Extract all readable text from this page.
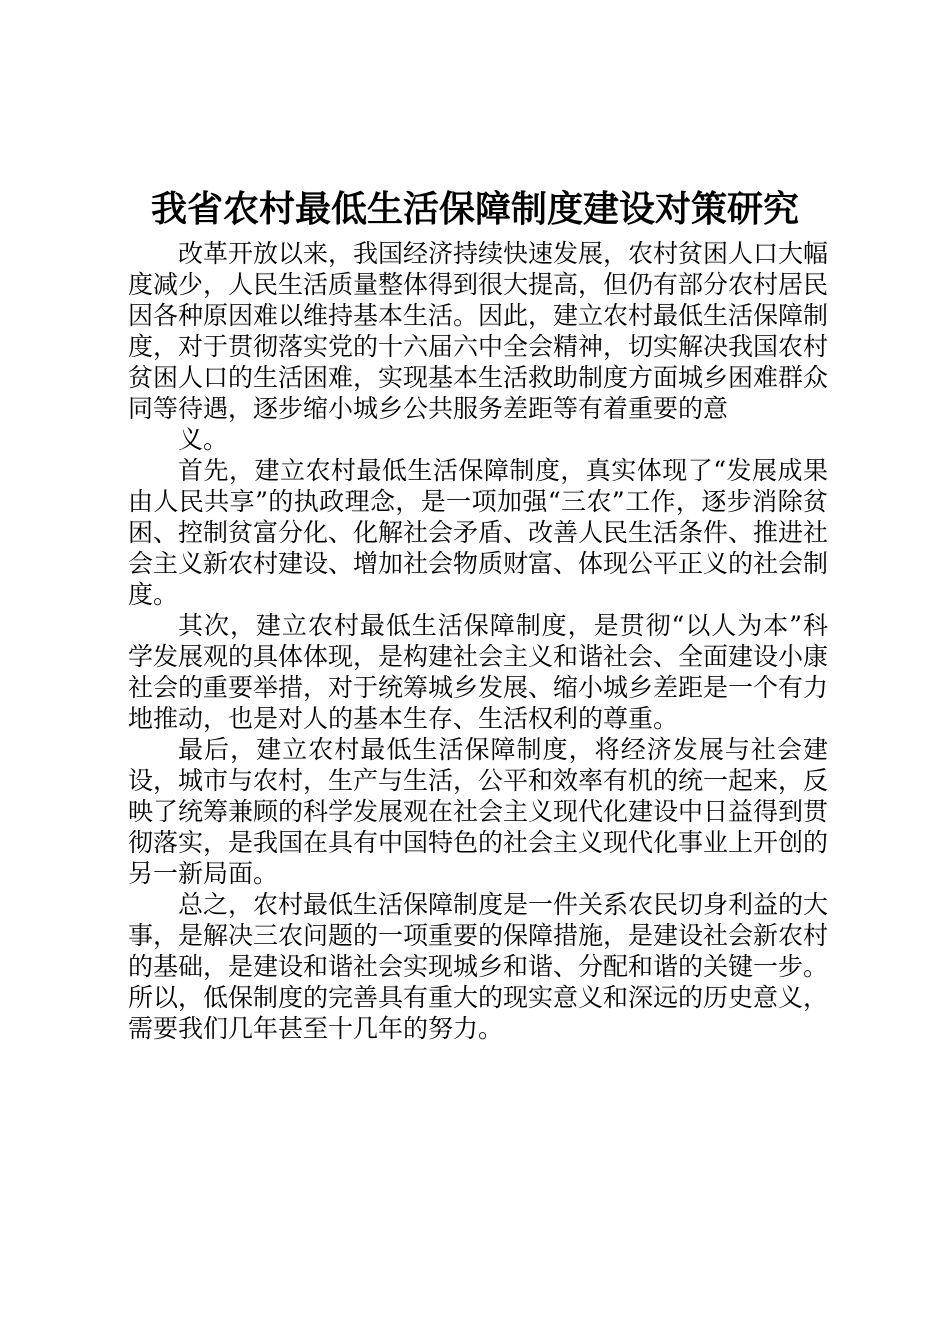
我省农村最低生活保障制度建设对策研究

改革开放以来，我国经济持续快速发展，农村贫困人口大幅度减少，人民生活质量整体得到很大提高，但仍有部分农村居民因各种原因难以维持基本生活。因此，建立农村最低生活保障制度，对于贯彻落实党的十六届六中全会精神，切实解决我国农村贫困人口的生活困难，实现基本生活救助制度方面城乡困难群众同等待遇，逐步缩小城乡公共服务差距等有着重要的意

义。

首先，建立农村最低生活保障制度，真实体现了“发展成果由人民共享”的执政理念，是一项加强“三农”工作，逐步消除贫困、控制贫富分化、化解社会矛盾、改善人民生活条件、推进社会主义新农村建设、增加社会物质财富、体现公平正义的社会制度。

其次，建立农村最低生活保障制度，是贯彻“以人为本”科学发展观的具体体现，是构建社会主义和谐社会、全面建设小康社会的重要举措，对于统筹城乡发展、缩小城乡差距是一个有力地推动，也是对人的基本生存、生活权利的尊重。

最后，建立农村最低生活保障制度，将经济发展与社会建设，城市与农村，生产与生活，公平和效率有机的统一起来，反映了统筹兼顾的科学发展观在社会主义现代化建设中日益得到贯彻落实，是我国在具有中国特色的社会主义现代化事业上开创的另一新局面。

总之，农村最低生活保障制度是一件关系农民切身利益的大事，是解决三农问题的一项重要的保障措施，是建设社会新农村的基础，是建设和谐社会实现城乡和谐、分配和谐的关键一步。所以，低保制度的完善具有重大的现实意义和深远的历史意义，需要我们几年甚至十几年的努力。
